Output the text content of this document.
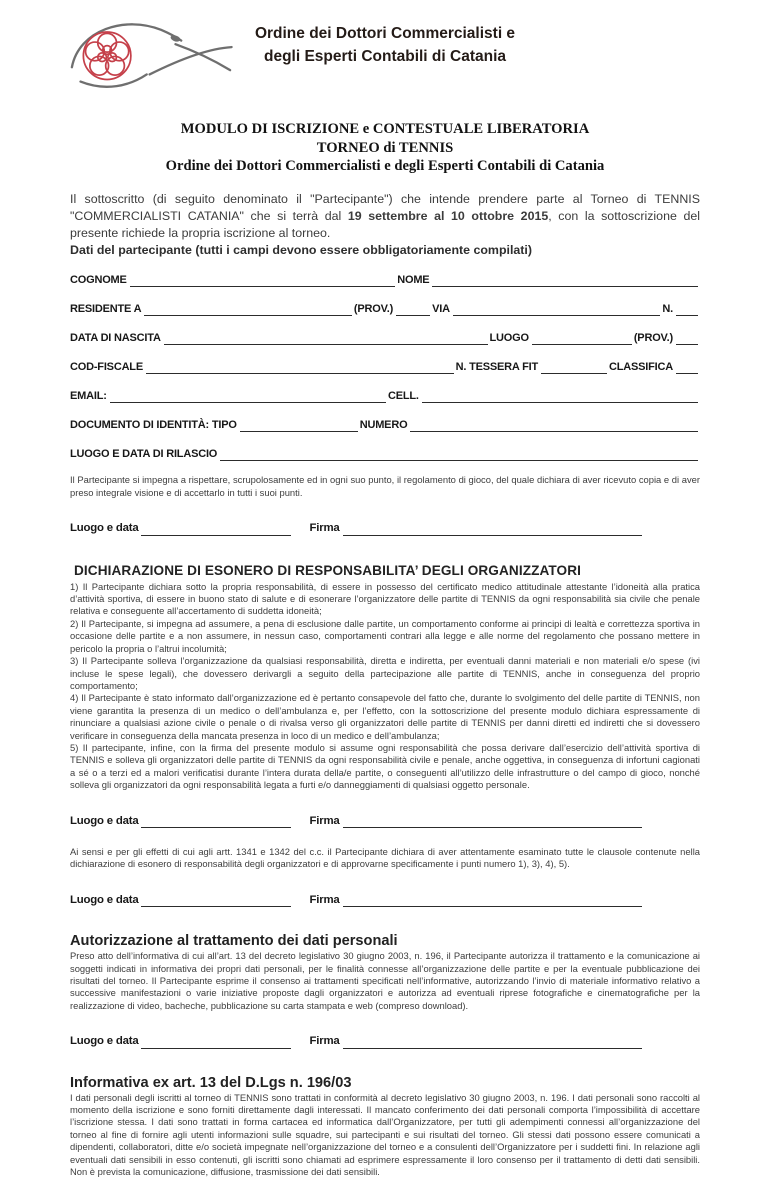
Ordine dei Dottori Commercialisti e
degli Esperti Contabili di Catania
MODULO DI ISCRIZIONE e CONTESTUALE LIBERATORIA
TORNEO di TENNIS
Ordine dei Dottori Commercialisti e degli Esperti Contabili di Catania

Il sottoscritto (di seguito denominato il "Partecipante") che intende prendere parte al Torneo di TENNIS "COMMERCIALISTI CATANIA" che si terrà dal 19 settembre al 10 ottobre 2015, con la sottoscrizione del presente richiede la propria iscrizione al torneo.

Dati del partecipante (tutti i campi devono essere obbligatoriamente compilati)

COGNOME	NOME
RESIDENTE A	(PROV.)	VIA	N.
DATA DI NASCITA	LUOGO	(PROV.)
COD-FISCALE	N. TESSERA FIT	CLASSIFICA
EMAIL:	CELL.
DOCUMENTO DI IDENTITÀ: TIPO	NUMERO
LUOGO E DATA DI RILASCIO

Il Partecipante si impegna a rispettare, scrupolosamente ed in ogni suo punto, il regolamento di gioco, del quale dichiara di aver ricevuto copia e di aver preso integrale visione e di accettarlo in tutti i suoi punti.

Luogo e data	Firma
DICHIARAZIONE DI ESONERO DI RESPONSABILITA’ DEGLI ORGANIZZATORI

1) Il Partecipante dichiara sotto la propria responsabilità, di essere in possesso del certificato medico attitudinale attestante l’idoneità alla pratica d’attività sportiva, di essere in buono stato di salute e di esonerare l’organizzatore delle partite di TENNIS da ogni responsabilità sia civile che penale relativa e conseguente all’accertamento di suddetta idoneità;

2) Il Partecipante, si impegna ad assumere, a pena di esclusione dalle partite, un comportamento conforme ai principi di lealtà e correttezza sportiva in occasione delle partite e a non assumere, in nessun caso, comportamenti contrari alla legge e alle norme del regolamento che possano mettere in pericolo la propria o l’altrui incolumità;

3) Il Partecipante solleva l’organizzazione da qualsiasi responsabilità, diretta e indiretta, per eventuali danni materiali e non materiali e/o spese (ivi incluse le spese legali), che dovessero derivargli a seguito della partecipazione alle partite di TENNIS, anche in conseguenza del proprio comportamento;

4) Il Partecipante è stato informato dall’organizzazione ed è pertanto consapevole del fatto che, durante lo svolgimento del delle partite di TENNIS, non viene garantita la presenza di un medico o dell’ambulanza e, per l’effetto, con la sottoscrizione del presente modulo dichiara espressamente di rinunciare a qualsiasi azione civile o penale o di rivalsa verso gli organizzatori delle partite di TENNIS per danni diretti ed indiretti che si dovessero verificare in conseguenza della mancata presenza in loco di un medico e dell’ambulanza;

5) Il partecipante, infine, con la firma del presente modulo si assume ogni responsabilità che possa derivare dall’esercizio dell’attività sportiva di TENNIS e solleva gli organizzatori delle partite di TENNIS da ogni responsabilità civile e penale, anche oggettiva, in conseguenza di infortuni cagionati a sé o a terzi ed a malori verificatisi durante l’intera durata della/e partite, o conseguenti all’utilizzo delle infrastrutture o del campo di gioco, nonché solleva gli organizzatori da ogni responsabilità legata a furti e/o danneggiamenti di qualsiasi oggetto personale.

Luogo e data	Firma

Ai sensi e per gli effetti di cui agli artt. 1341 e 1342 del c.c. il Partecipante dichiara di aver attentamente esaminato tutte le clausole contenute nella dichiarazione di esonero di responsabilità degli organizzatori e di approvarne specificamente i punti numero 1), 3), 4), 5).

Luogo e data	Firma
Autorizzazione al trattamento dei dati personali

Preso atto dell’informativa di cui all’art. 13 del decreto legislativo 30 giugno 2003, n. 196, il Partecipante autorizza il trattamento e la comunicazione ai soggetti indicati in informativa dei propri dati personali, per le finalità connesse all’organizzazione delle partite e per la eventuale pubblicazione dei risultati del torneo. Il Partecipante esprime il consenso ai trattamenti specificati nell’informative, autorizzando l’invio di materiale informativo relativo a successive manifestazioni o varie iniziative proposte dagli organizzatori e autorizza ad eventuali riprese fotografiche e cinematografiche per la realizzazione di video, bacheche, pubblicazione su carta stampata e web (compreso download).

Luogo e data	Firma
Informativa ex art. 13 del D.Lgs n. 196/03

I dati personali degli iscritti al torneo di TENNIS sono trattati in conformità al decreto legislativo 30 giugno 2003, n. 196. I dati personali sono raccolti al momento della iscrizione e sono forniti direttamente dagli interessati. Il mancato conferimento dei dati personali comporta l’impossibilità di accettare l’iscrizione stessa. I dati sono trattati in forma cartacea ed informatica dall’Organizzatore, per tutti gli adempimenti connessi all’organizzazione del torneo al fine di fornire agli utenti informazioni sulle squadre, sui partecipanti e sui risultati del torneo. Gli stessi dati possono essere comunicati a dipendenti, collaboratori, ditte e/o società impegnate nell’organizzazione del torneo e a consulenti dell’Organizzatore per i suddetti fini. In relazione agli eventuali dati sensibili in esso contenuti, gli iscritti sono chiamati ad esprimere espressamente il loro consenso per il trattamento di detti dati sensibili. Non è prevista la comunicazione, diffusione, trasmissione dei dati sensibili.
